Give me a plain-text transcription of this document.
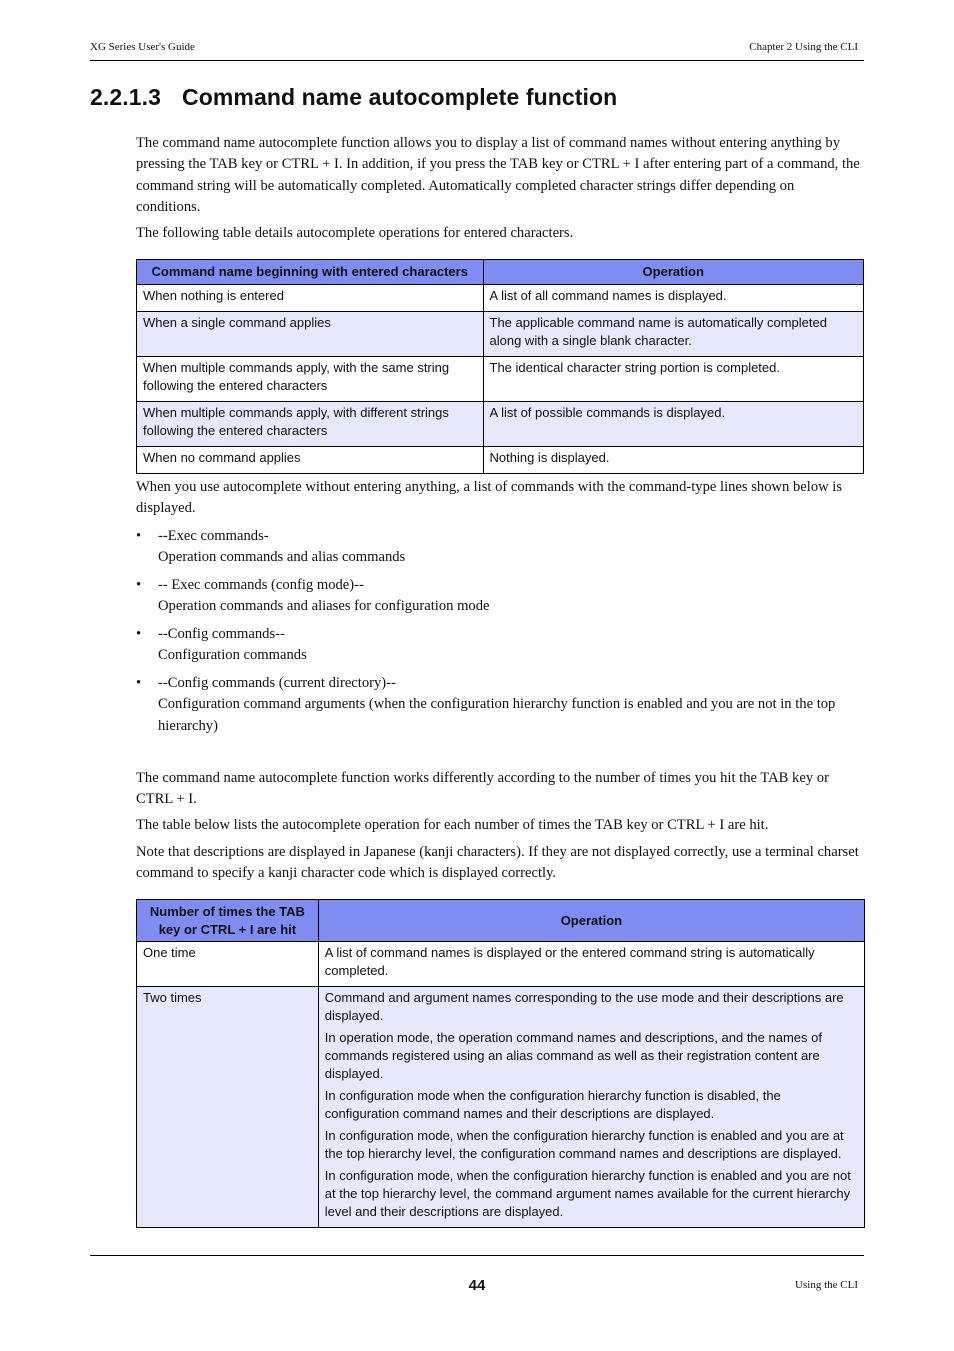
XG Series User's Guide	Chapter 2 Using the CLI
2.2.1.3 Command name autocomplete function

The command name autocomplete function allows you to display a list of command names without entering anything by pressing the TAB key or CTRL + I. In addition, if you press the TAB key or CTRL + I after entering part of a command, the command string will be automatically completed. Automatically completed character strings differ depending on conditions.

The following table details autocomplete operations for entered characters.

Command name beginning with entered characters	Operation
When nothing is entered	A list of all command names is displayed.
When a single command applies	The applicable command name is automatically completed along with a single blank character.
When multiple commands apply, with the same string following the entered characters	The identical character string portion is completed.
When multiple commands apply, with different strings following the entered characters	A list of possible commands is displayed.
When no command applies	Nothing is displayed.

When you use autocomplete without entering anything, a list of commands with the command-type lines shown below is displayed.

• --Exec commands-
Operation commands and alias commands
• -- Exec commands (config mode)--
Operation commands and aliases for configuration mode
• --Config commands--
Configuration commands
• --Config commands (current directory)--
Configuration command arguments (when the configuration hierarchy function is enabled and you are not in the top hierarchy)

The command name autocomplete function works differently according to the number of times you hit the TAB key or CTRL + I.

The table below lists the autocomplete operation for each number of times the TAB key or CTRL + I are hit.

Note that descriptions are displayed in Japanese (kanji characters). If they are not displayed correctly, use a terminal charset command to specify a kanji character code which is displayed correctly.

Number of times the TAB key or CTRL + I are hit	Operation
One time	A list of command names is displayed or the entered command string is automatically completed.
Two times	Command and argument names corresponding to the use mode and their descriptions are displayed.

In operation mode, the operation command names and descriptions, and the names of commands registered using an alias command as well as their registration content are displayed.

In configuration mode when the configuration hierarchy function is disabled, the configuration command names and their descriptions are displayed.

In configuration mode, when the configuration hierarchy function is enabled and you are at the top hierarchy level, the configuration command names and descriptions are displayed.

In configuration mode, when the configuration hierarchy function is enabled and you are not at the top hierarchy level, the command argument names available for the current hierarchy level and their descriptions are displayed.

44	Using the CLI
